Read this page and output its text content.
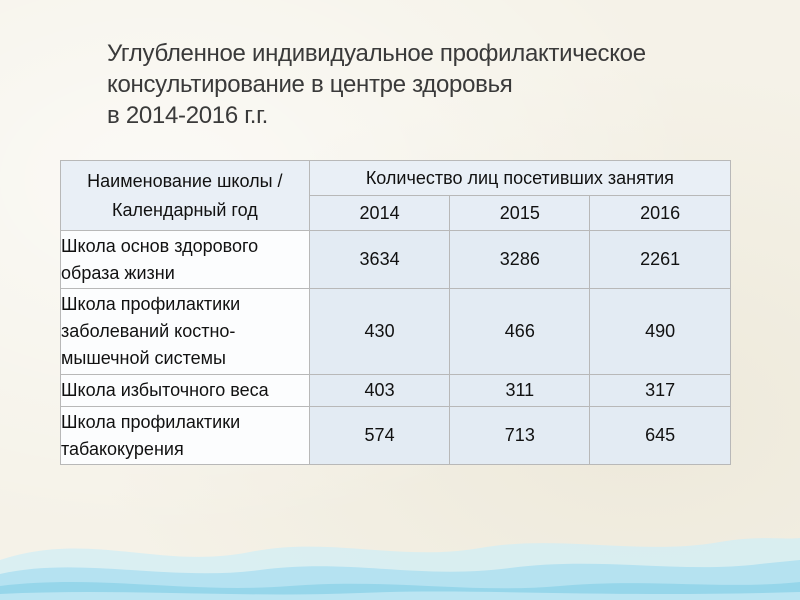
Углубленное индивидуальное профилактическое
консультирование в центре здоровья
в 2014-2016 г.г.
Наименование школы /
Календарный год	Количество лиц посетивших занятия		
	2014	2015	2016
Школа основ здорового образа жизни	3634	3286	2261
Школа профилактики заболеваний костно-мышечной системы	430	466	490
Школа избыточного веса	403	311	317
Школа профилактики табакокурения	574	713	645
